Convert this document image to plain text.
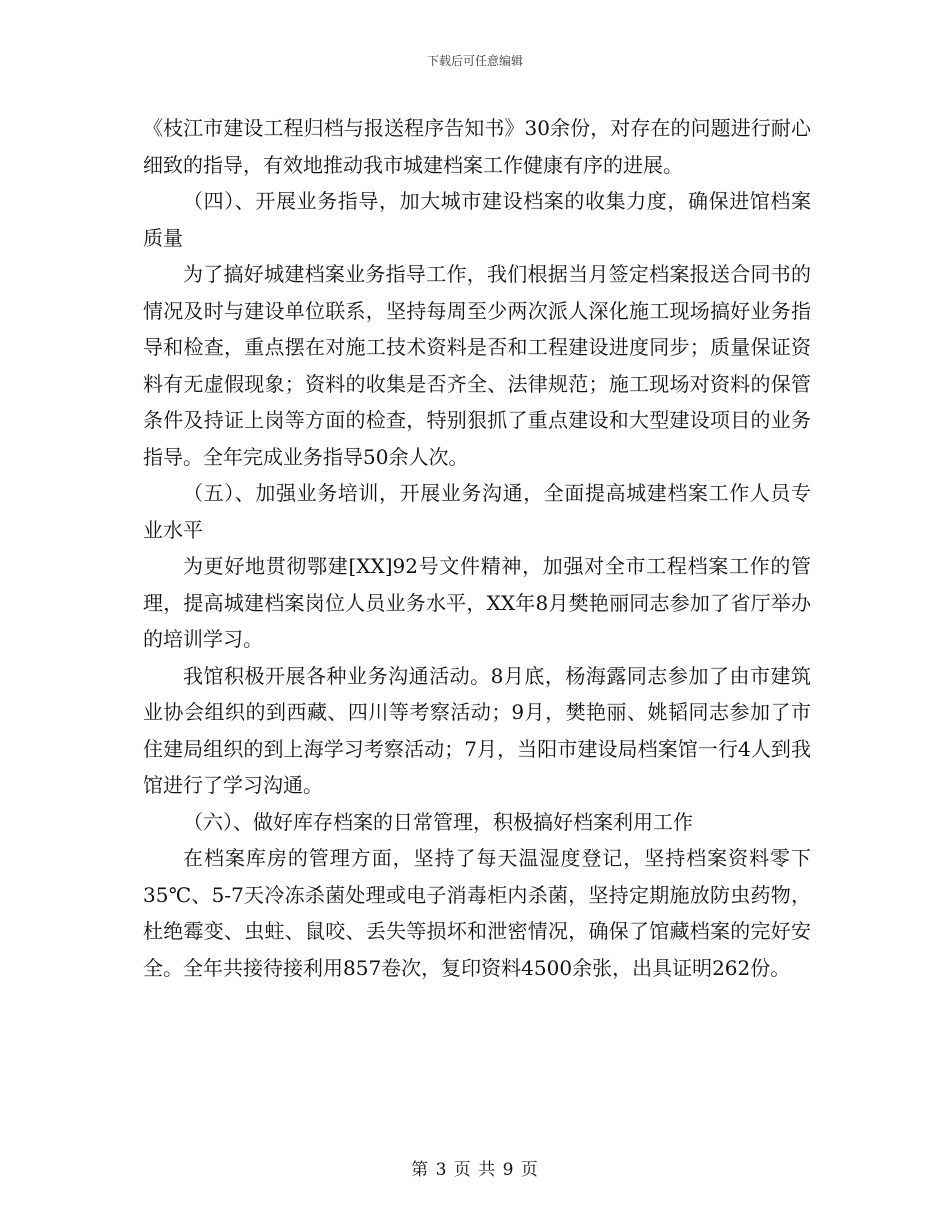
下载后可任意编辑

《枝江市建设工程归档与报送程序告知书》30余份，对存在的问题进行耐心细致的指导，有效地推动我市城建档案工作健康有序的进展。

（四）、开展业务指导，加大城市建设档案的收集力度，确保进馆档案质量

为了搞好城建档案业务指导工作，我们根据当月签定档案报送合同书的情况及时与建设单位联系，坚持每周至少两次派人深化施工现场搞好业务指导和检查，重点摆在对施工技术资料是否和工程建设进度同步；质量保证资料有无虚假现象；资料的收集是否齐全、法律规范；施工现场对资料的保管条件及持证上岗等方面的检查，特别狠抓了重点建设和大型建设项目的业务指导。全年完成业务指导50余人次。

（五）、加强业务培训，开展业务沟通，全面提高城建档案工作人员专业水平

为更好地贯彻鄂建[XX]92号文件精神，加强对全市工程档案工作的管理，提高城建档案岗位人员业务水平，XX年8月樊艳丽同志参加了省厅举办的培训学习。

我馆积极开展各种业务沟通活动。8月底，杨海露同志参加了由市建筑业协会组织的到西藏、四川等考察活动；9月，樊艳丽、姚韬同志参加了市住建局组织的到上海学习考察活动；7月，当阳市建设局档案馆一行4人到我馆进行了学习沟通。

（六）、做好库存档案的日常管理，积极搞好档案利用工作

在档案库房的管理方面，坚持了每天温湿度登记，坚持档案资料零下35℃、5-7天冷冻杀菌处理或电子消毒柜内杀菌，坚持定期施放防虫药物，杜绝霉变、虫蛀、鼠咬、丢失等损坏和泄密情况，确保了馆藏档案的完好安全。全年共接待接利用857卷次，复印资料4500余张，出具证明262份。

第 3 页 共 9 页
